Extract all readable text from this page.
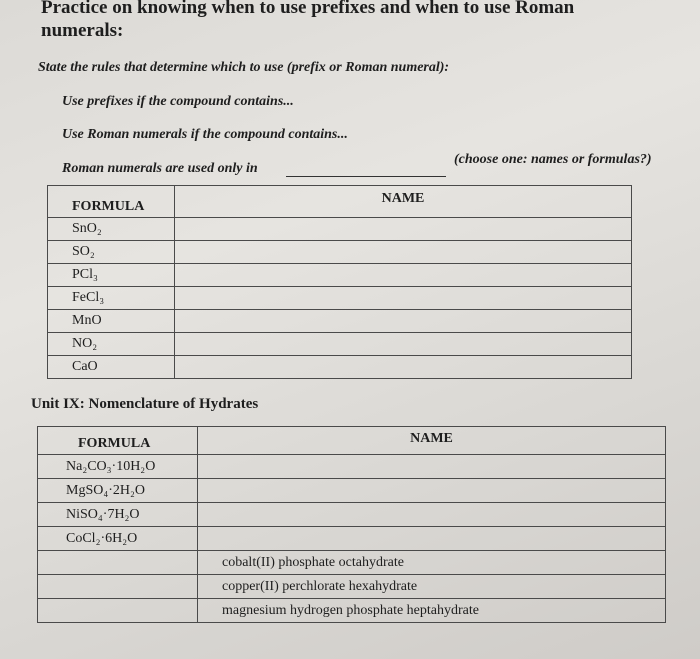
Practice on knowing when to use prefixes and when to use Roman
numerals:
State the rules that determine which to use (prefix or Roman numeral):
Use prefixes if the compound contains...
Use Roman numerals if the compound contains...
Roman numerals are used only in
(choose one: names or formulas?)
FORMULA	NAME
SnO₂	
SO₂	
PCl₃	
FeCl₃	
MnO	
NO₂	
CaO	
Unit IX: Nomenclature of Hydrates
FORMULA	NAME
Na₂CO₃·10H₂O	
MgSO₄·2H₂O	
NiSO₄·7H₂O	
CoCl₂·6H₂O	
	cobalt(II) phosphate octahydrate
	copper(II) perchlorate hexahydrate
	magnesium hydrogen phosphate heptahydrate
